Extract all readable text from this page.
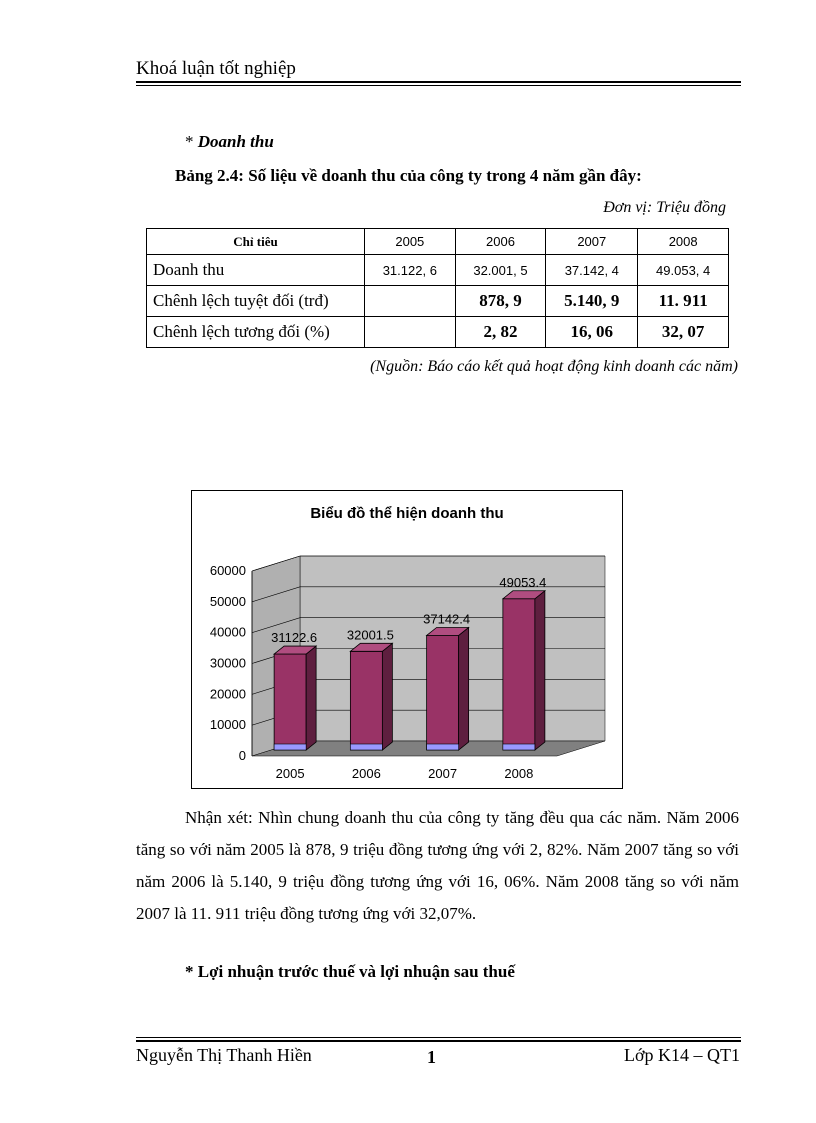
Khoá luận tốt nghiệp
* Doanh thu
Bảng 2.4: Số liệu về doanh thu của công ty trong 4 năm gần đây:
Đơn vị: Triệu đồng
Chỉ tiêu	2005	2006	2007	2008
Doanh thu	31.122, 6	32.001, 5	37.142, 4	49.053, 4
Chênh lệch tuyệt đối (trđ)		878, 9	5.140, 9	11. 911
Chênh lệch tương đối (%)		2, 82	16, 06	32, 07
(Nguồn: Báo cáo kết quả hoạt động kinh doanh các năm)
Biểu đồ thể hiện doanh thu
0
10000
20000
30000
40000
50000
60000
31122.6
2005
32001.5
2006
37142.4
2007
49053.4
2008
Nhận xét: Nhìn chung doanh thu của công ty tăng đều qua các năm. Năm 2006 tăng so với năm 2005 là 878, 9 triệu đồng tương ứng với 2, 82%. Năm 2007 tăng so với năm 2006 là 5.140, 9 triệu đồng tương ứng với 16, 06%. Năm 2008 tăng so với năm 2007 là 11. 911 triệu đồng tương ứng với 32,07%.
* Lợi nhuận trước thuế và lợi nhuận sau thuế
Nguyễn Thị Thanh Hiền	1	Lớp K14 – QT1
